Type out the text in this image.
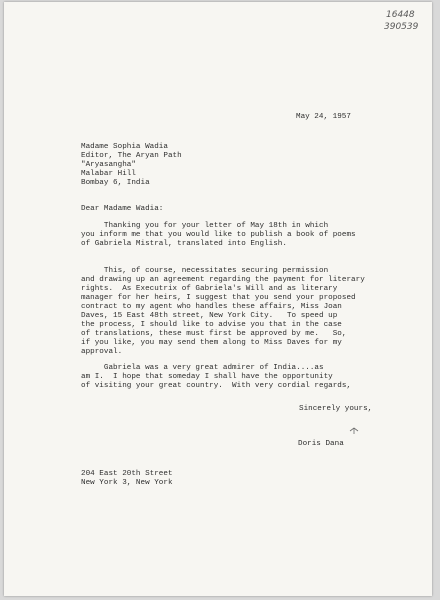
16448
390539
May 24, 1957
Madame Sophia Wadia
Editor, The Aryan Path
"Aryasangha"
Malabar Hill
Bombay 6, India
Dear Madame Wadia:
Thanking you for your letter of May 18th in which
you inform me that you would like to publish a book of poems
of Gabriela Mistral, translated into English.
This, of course, necessitates securing permission
and drawing up an agreement regarding the payment for literary
rights.  As Executrix of Gabriela's Will and as literary
manager for her heirs, I suggest that you send your proposed
contract to my agent who handles these affairs, Miss Joan
Daves, 15 East 48th street, New York City.   To speed up
the process, I should like to advise you that in the case
of translations, these must first be approved by me.   So,
if you like, you may send them along to Miss Daves for my
approval.
Gabriela was a very great admirer of India....as
am I.  I hope that someday I shall have the opportunity
of visiting your great country.  With very cordial regards,
Sincerely yours,
Doris Dana
204 East 20th Street
New York 3, New York
